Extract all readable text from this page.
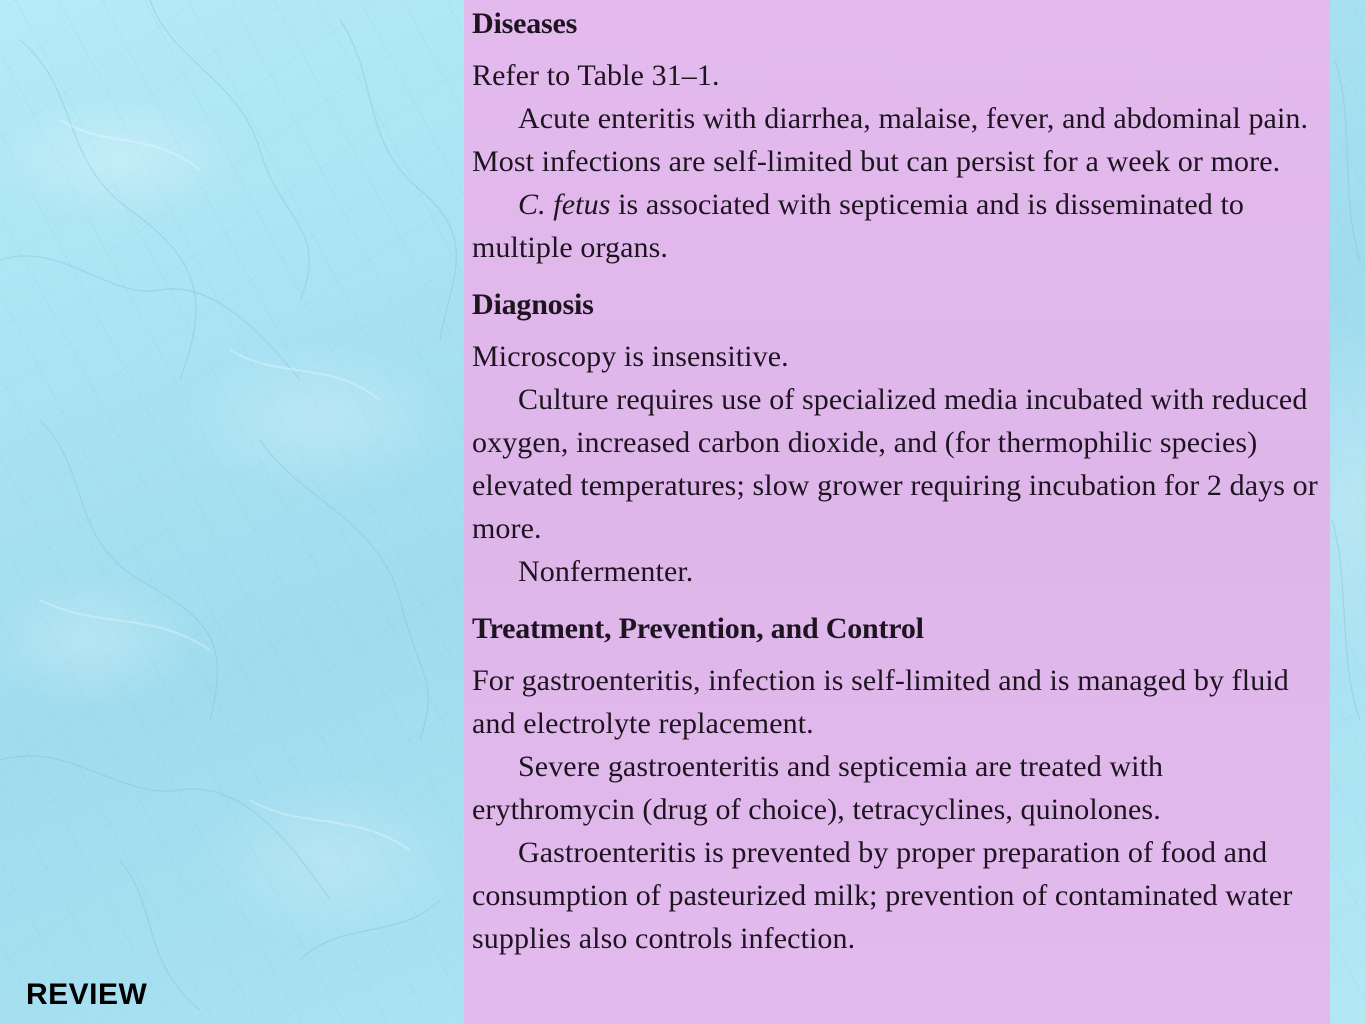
Diseases

Refer to Table 31–1.

Acute enteritis with diarrhea, malaise, fever, and abdominal pain. Most infections are self-limited but can persist for a week or more.

C. fetus is associated with septicemia and is disseminated to multiple organs.

Diagnosis

Microscopy is insensitive.

Culture requires use of specialized media incubated with reduced oxygen, increased carbon dioxide, and (for thermophilic species) elevated temperatures; slow grower requiring incubation for 2 days or more.

Nonfermenter.

Treatment, Prevention, and Control

For gastroenteritis, infection is self-limited and is managed by fluid and electrolyte replacement.

Severe gastroenteritis and septicemia are treated with erythromycin (drug of choice), tetracyclines, quinolones.

Gastroenteritis is prevented by proper preparation of food and consumption of pasteurized milk; prevention of contaminated water supplies also controls infection.

REVIEW
